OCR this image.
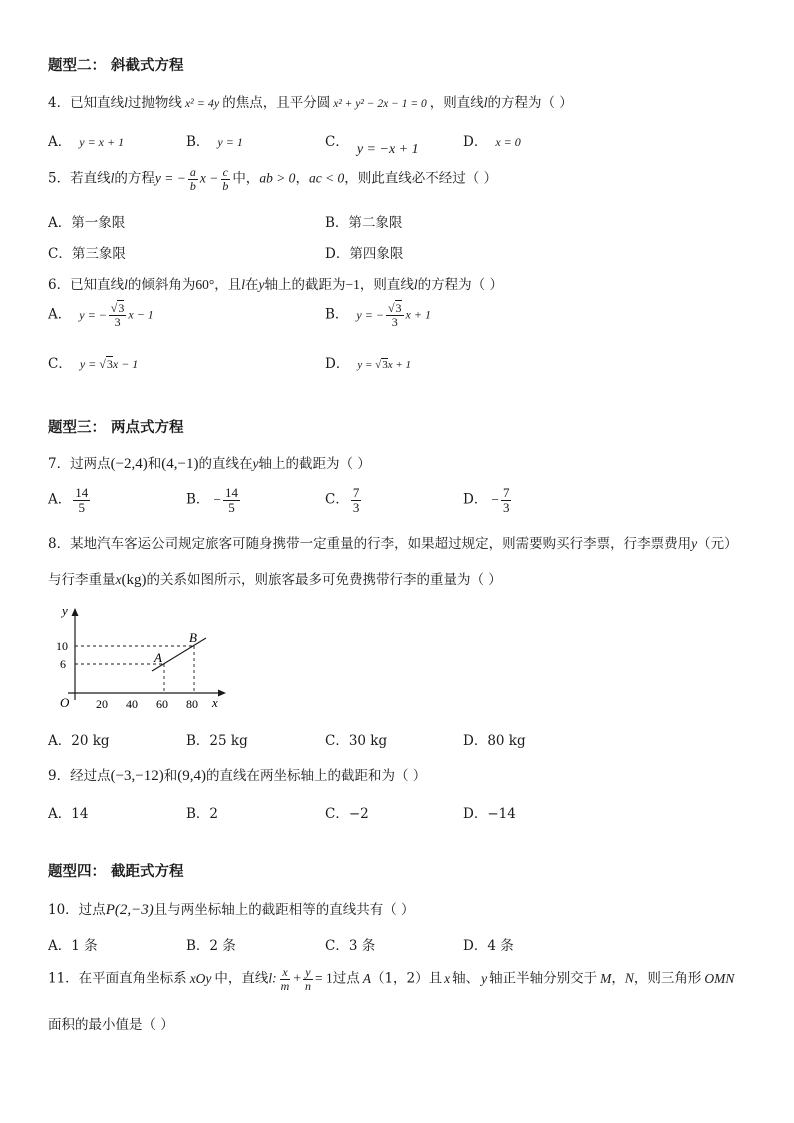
题型二： 斜截式方程
4．已知直线l过抛物线 x² = 4y 的焦点，且平分圆 x² + y² − 2x − 1 = 0 ，则直线l的方程为（ ）
A． y = x + 1	B． y = 1	C． y = −x + 1	D． x = 0
5．若直线l的方程y = − $\frac{a}{b}$ $x - \frac{c}{b}$ 中，ab > 0，ac < 0，则此直线必不经过（ ）
A．第一象限	B．第二象限
C．第三象限	D．第四象限
6．已知直线l的倾斜角为60°，且l在y轴上的截距为−1，则直线l的方程为（ ）
A． y = − $\frac{√3}{3}$ x − 1	B． y = − $\frac{√3}{3}$ x + 1
C． y = √3x − 1	D． y = √3x + 1
题型三： 两点式方程
7．过两点(−2,4)和(4,−1)的直线在y轴上的截距为（ ）
A． $\frac{14}{5}$	B． − $\frac{14}{5}$	C． $\frac{7}{3}$	D． − $\frac{7}{3}$
8．某地汽车客运公司规定旅客可随身携带一定重量的行李，如果超过规定，则需要购买行李票，行李票费用y（元）
与行李重量x(kg)的关系如图所示，则旅客最多可免费携带行李的重量为（ ）
y
x
O
10
6
20 40 60 80
A
B
A．20 kg	B．25 kg	C．30 kg	D．80 kg
9．经过点(−3,−12)和(9,4)的直线在两坐标轴上的截距和为（ ）
A．14	B．2	C．−2	D．−14
题型四： 截距式方程
10．过点P(2,−3)且与两坐标轴上的截距相等的直线共有（ ）
A．1 条	B．2 条	C．3 条	D．4 条
11．在平面直角坐标系 xOy 中，直线l: $\frac{x}{m} + \frac{y}{n} = 1$过点 A（1，2）且 x 轴、 y 轴正半轴分别交于 M，N，则三角形 OMN
面积的最小值是（ ）
